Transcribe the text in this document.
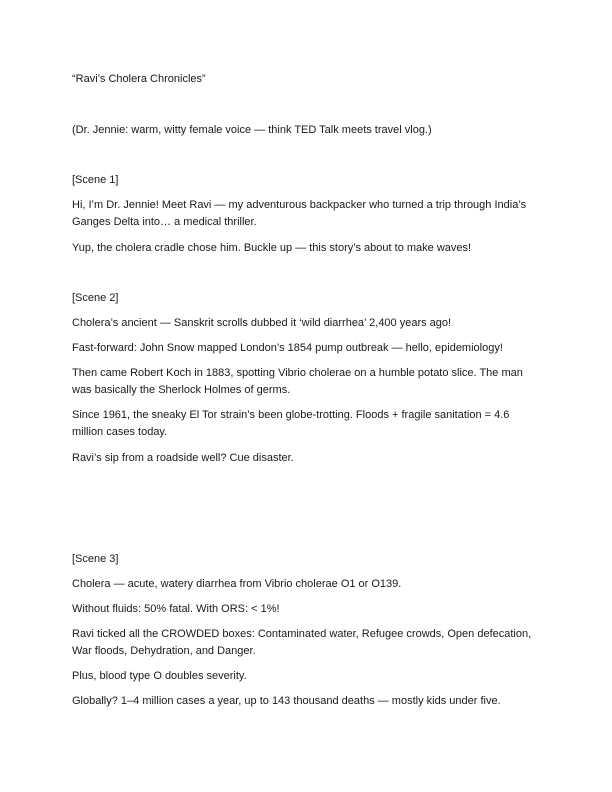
“Ravi’s Cholera Chronicles”

(Dr. Jennie: warm, witty female voice — think TED Talk meets travel vlog.)

[Scene 1]

Hi, I’m Dr. Jennie! Meet Ravi — my adventurous backpacker who turned a trip through India’s Ganges Delta into… a medical thriller.

Yup, the cholera cradle chose him. Buckle up — this story’s about to make waves!

[Scene 2]

Cholera’s ancient — Sanskrit scrolls dubbed it ‘wild diarrhea’ 2,400 years ago!

Fast-forward: John Snow mapped London’s 1854 pump outbreak — hello, epidemiology!

Then came Robert Koch in 1883, spotting Vibrio cholerae on a humble potato slice. The man was basically the Sherlock Holmes of germs.

Since 1961, the sneaky El Tor strain’s been globe-trotting. Floods + fragile sanitation = 4.6 million cases today.

Ravi’s sip from a roadside well? Cue disaster.

[Scene 3]

Cholera — acute, watery diarrhea from Vibrio cholerae O1 or O139.

Without fluids: 50% fatal. With ORS: < 1%!

Ravi ticked all the CROWDED boxes: Contaminated water, Refugee crowds, Open defecation, War floods, Dehydration, and Danger.

Plus, blood type O doubles severity.

Globally? 1–4 million cases a year, up to 143 thousand deaths — mostly kids under five.
